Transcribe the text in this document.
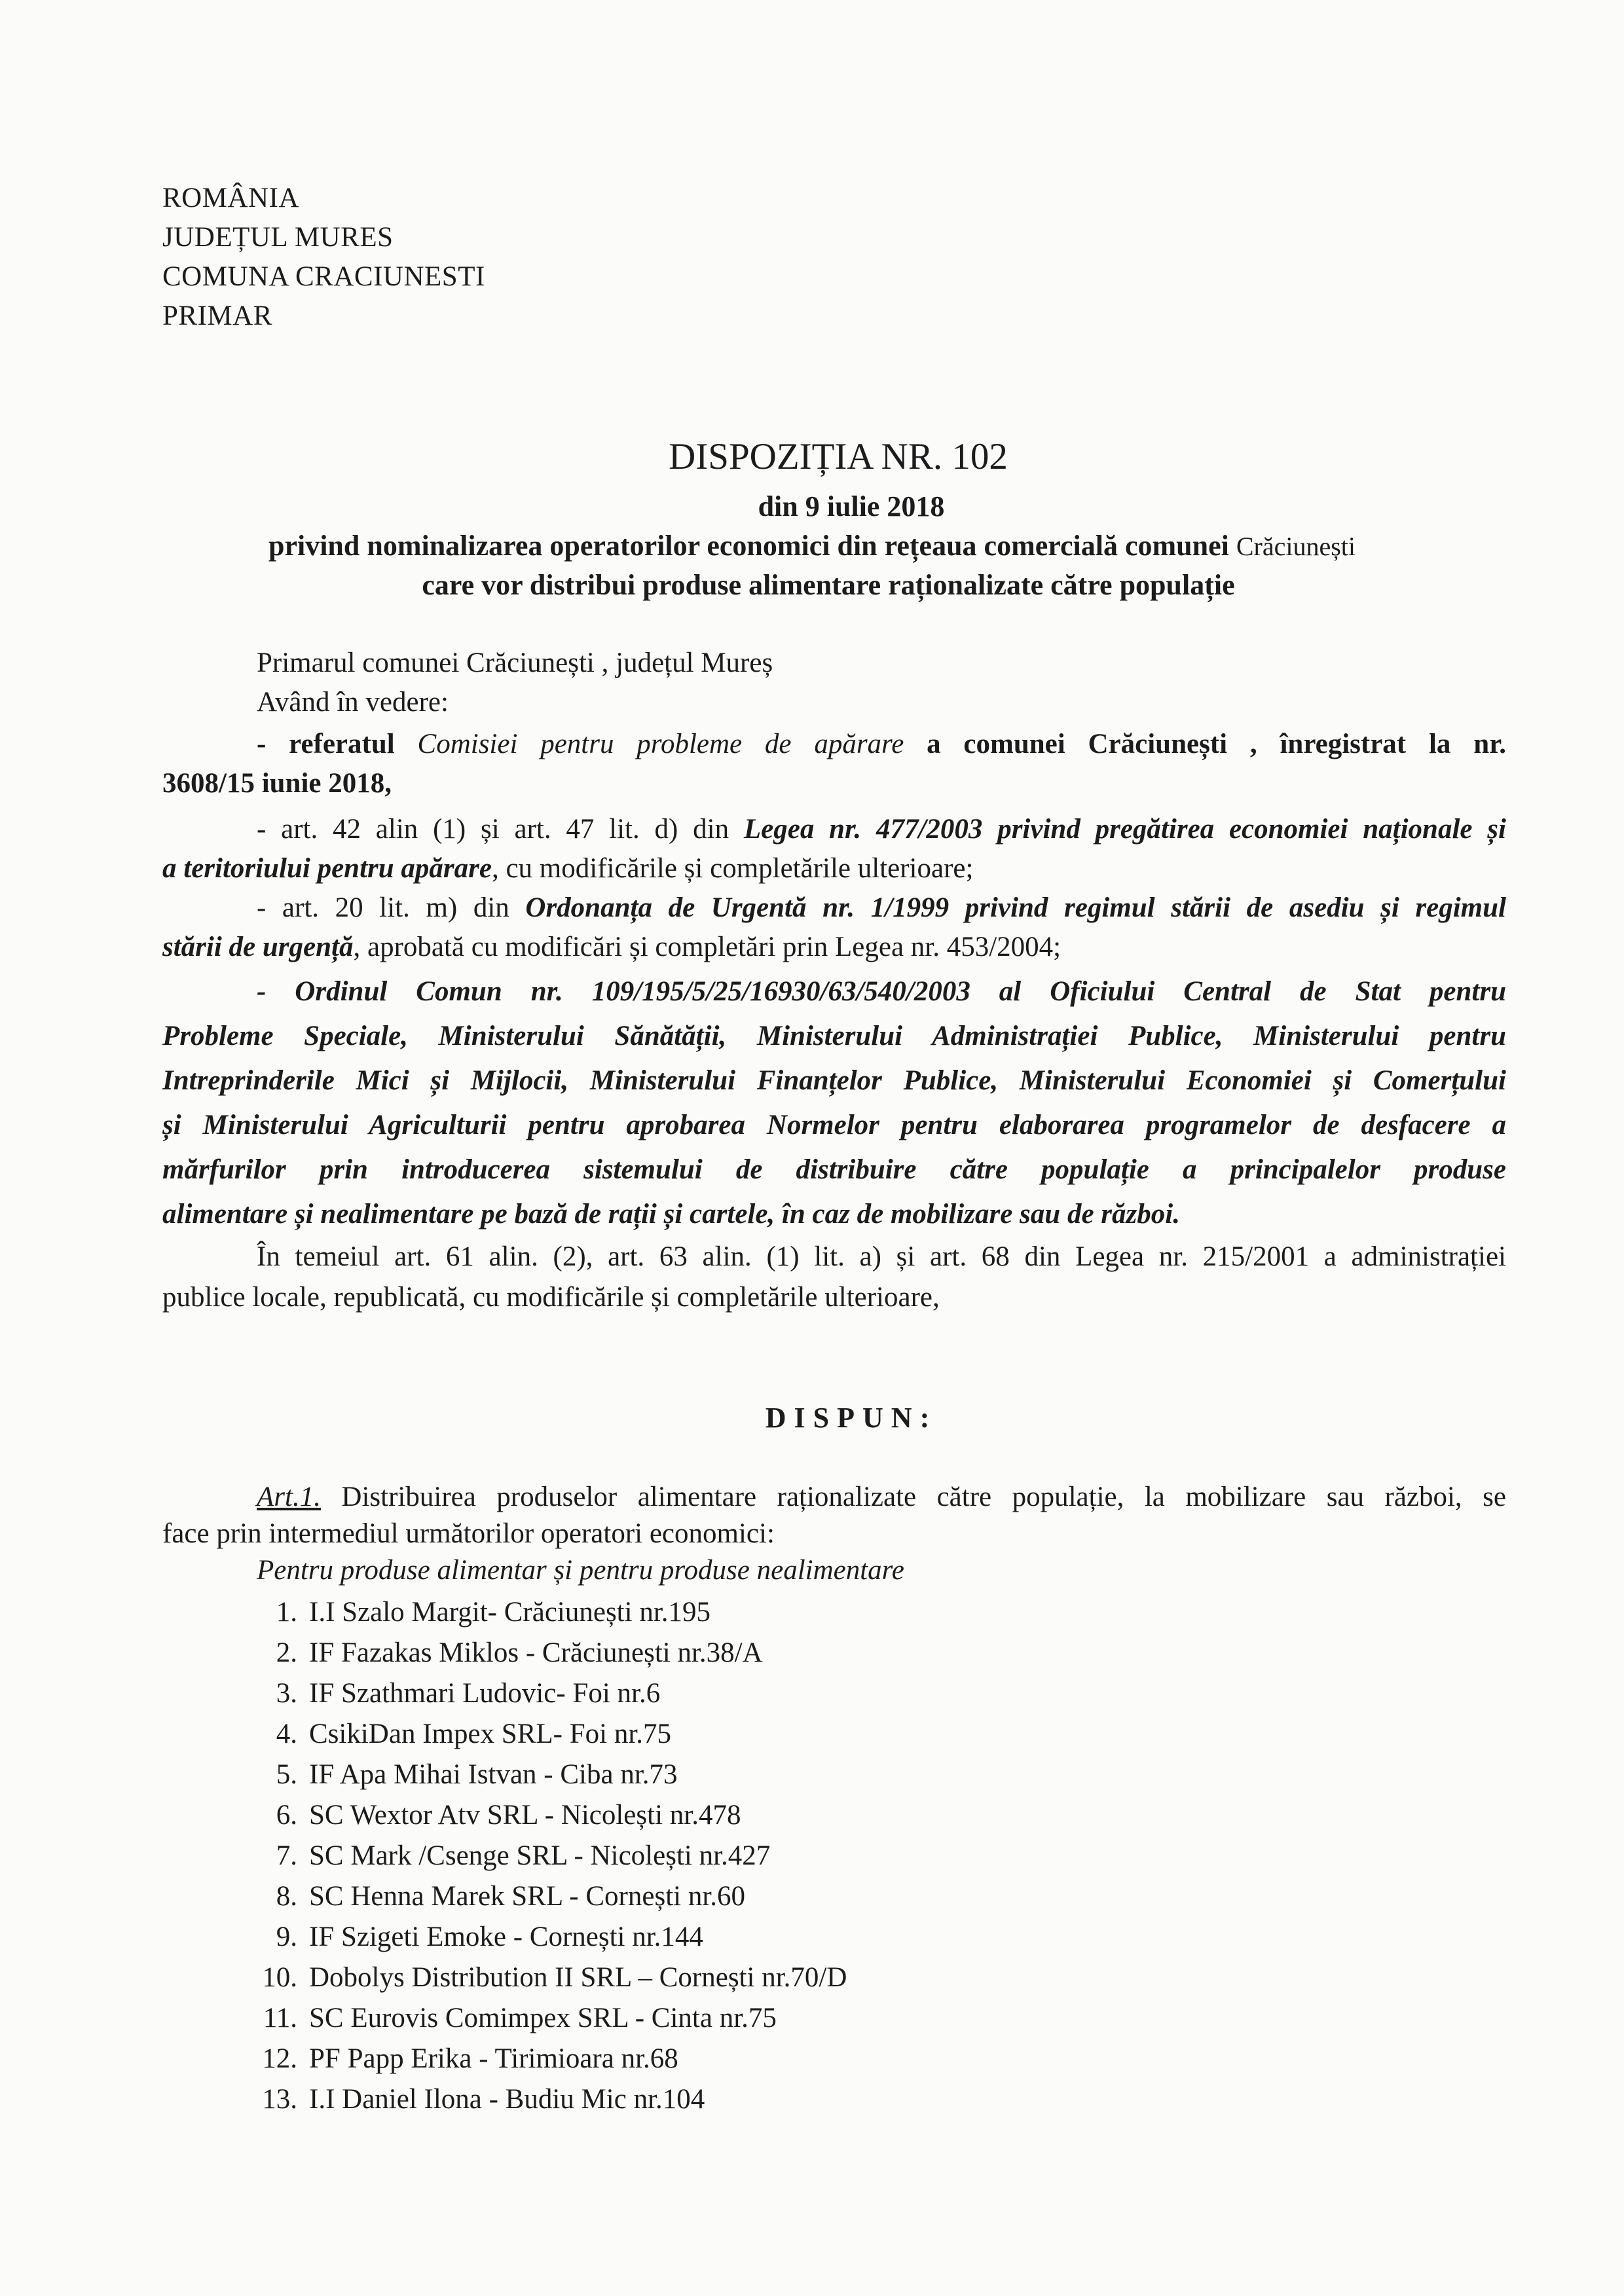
ROMÂNIA
JUDEȚUL MURES
COMUNA CRACIUNESTI
PRIMAR
DISPOZIȚIA NR. 102
din 9 iulie 2018
privind nominalizarea operatorilor economici din rețeaua comercială comunei Crăciunești
care vor distribui produse alimentare raționalizate către populație
Primarul comunei Crăciunești , județul Mureș
Având în vedere:
- referatul Comisiei pentru probleme de apărare a comunei Crăciunești , înregistrat la nr.
3608/15 iunie 2018,
- art. 42 alin (1) și art. 47 lit. d) din Legea nr. 477/2003 privind pregătirea economiei naționale și
a teritoriului pentru apărare, cu modificările și completările ulterioare;
- art. 20 lit. m) din Ordonanța de Urgentă nr. 1/1999 privind regimul stării de asediu și regimul
stării de urgență, aprobată cu modificări și completări prin Legea nr. 453/2004;
- Ordinul Comun nr. 109/195/5/25/16930/63/540/2003 al Oficiului Central de Stat pentru
Probleme Speciale, Ministerului Sănătății, Ministerului Administrației Publice, Ministerului pentru
Intreprinderile Mici și Mijlocii, Ministerului Finanțelor Publice, Ministerului Economiei și Comerțului
și Ministerului Agriculturii pentru aprobarea Normelor pentru elaborarea programelor de desfacere a
mărfurilor prin introducerea sistemului de distribuire către populație a principalelor produse
alimentare și nealimentare pe bază de rații și cartele, în caz de mobilizare sau de război.
În temeiul art. 61 alin. (2), art. 63 alin. (1) lit. a) și art. 68 din Legea nr. 215/2001 a administrației
publice locale, republicată, cu modificările și completările ulterioare,
DISPUN:
Art.1. Distribuirea produselor alimentare raționalizate către populație, la mobilizare sau război, se
face prin intermediul următorilor operatori economici:
Pentru produse alimentar și pentru produse nealimentare
1. I.I Szalo Margit- Crăciunești nr.195
2. IF Fazakas Miklos - Crăciunești nr.38/A
3. IF Szathmari Ludovic- Foi nr.6
4. CsikiDan Impex SRL- Foi nr.75
5. IF Apa Mihai Istvan - Ciba nr.73
6. SC Wextor Atv SRL - Nicolești nr.478
7. SC Mark /Csenge SRL - Nicolești nr.427
8. SC Henna Marek SRL - Cornești nr.60
9. IF Szigeti Emoke - Cornești nr.144
10. Dobolys Distribution II SRL – Cornești nr.70/D
11. SC Eurovis Comimpex SRL - Cinta nr.75
12. PF Papp Erika - Tirimioara nr.68
13. I.I Daniel Ilona - Budiu Mic nr.104
